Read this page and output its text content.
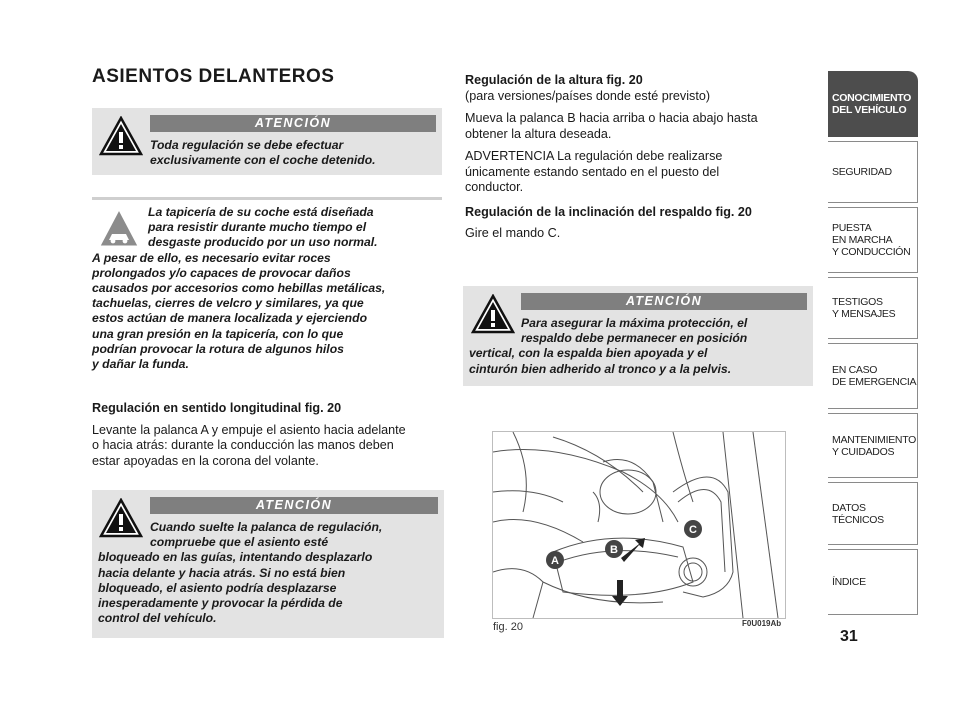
ASIENTOS DELANTEROS
ATENCIÓN
Toda regulación se debe efectuar exclusivamente con el coche detenido.
La tapicería de su coche está diseñada
para resistir durante mucho tiempo el
desgaste producido por un uso normal.
A pesar de ello, es necesario evitar roces
prolongados y/o capaces de provocar daños
causados por accesorios como hebillas metálicas,
tachuelas, cierres de velcro y similares, ya que
estos actúan de manera localizada y ejerciendo
una gran presión en la tapicería, con lo que
podrían provocar la rotura de algunos hilos
y dañar la funda.

Regulación en sentido longitudinal fig. 20

Levante la palanca A y empuje el asiento hacia adelante
o hacia atrás: durante la conducción las manos deben
estar apoyadas en la corona del volante.
ATENCIÓN
Cuando suelte la palanca de regulación,
compruebe que el asiento esté
bloqueado en las guías, intentando desplazarlo
hacia delante y hacia atrás. Si no está bien
bloqueado, el asiento podría desplazarse
inesperadamente y provocar la pérdida de
control del vehículo.

Regulación de la altura fig. 20

(para versiones/países donde esté previsto)

Mueva la palanca B hacia arriba o hacia abajo hasta
obtener la altura deseada.
ADVERTENCIA La regulación debe realizarse
únicamente estando sentado en el puesto del
conductor.

Regulación de la inclinación del respaldo fig. 20

Gire el mando C.

ATENCIÓN
Para asegurar la máxima protección, el
respaldo debe permanecer en posición
vertical, con la espalda bien apoyada y el
cinturón bien adherido al tronco y a la pelvis.
A
B
C
fig. 20	F0U019Ab
CONOCIMIENTO
DEL VEHÍCULO
SEGURIDAD
PUESTA
EN MARCHA
Y CONDUCCIÓN
TESTIGOS
Y MENSAJES
EN CASO
DE EMERGENCIA
MANTENIMIENTO
Y CUIDADOS
DATOS TÉCNICOS
ÍNDICE
31
